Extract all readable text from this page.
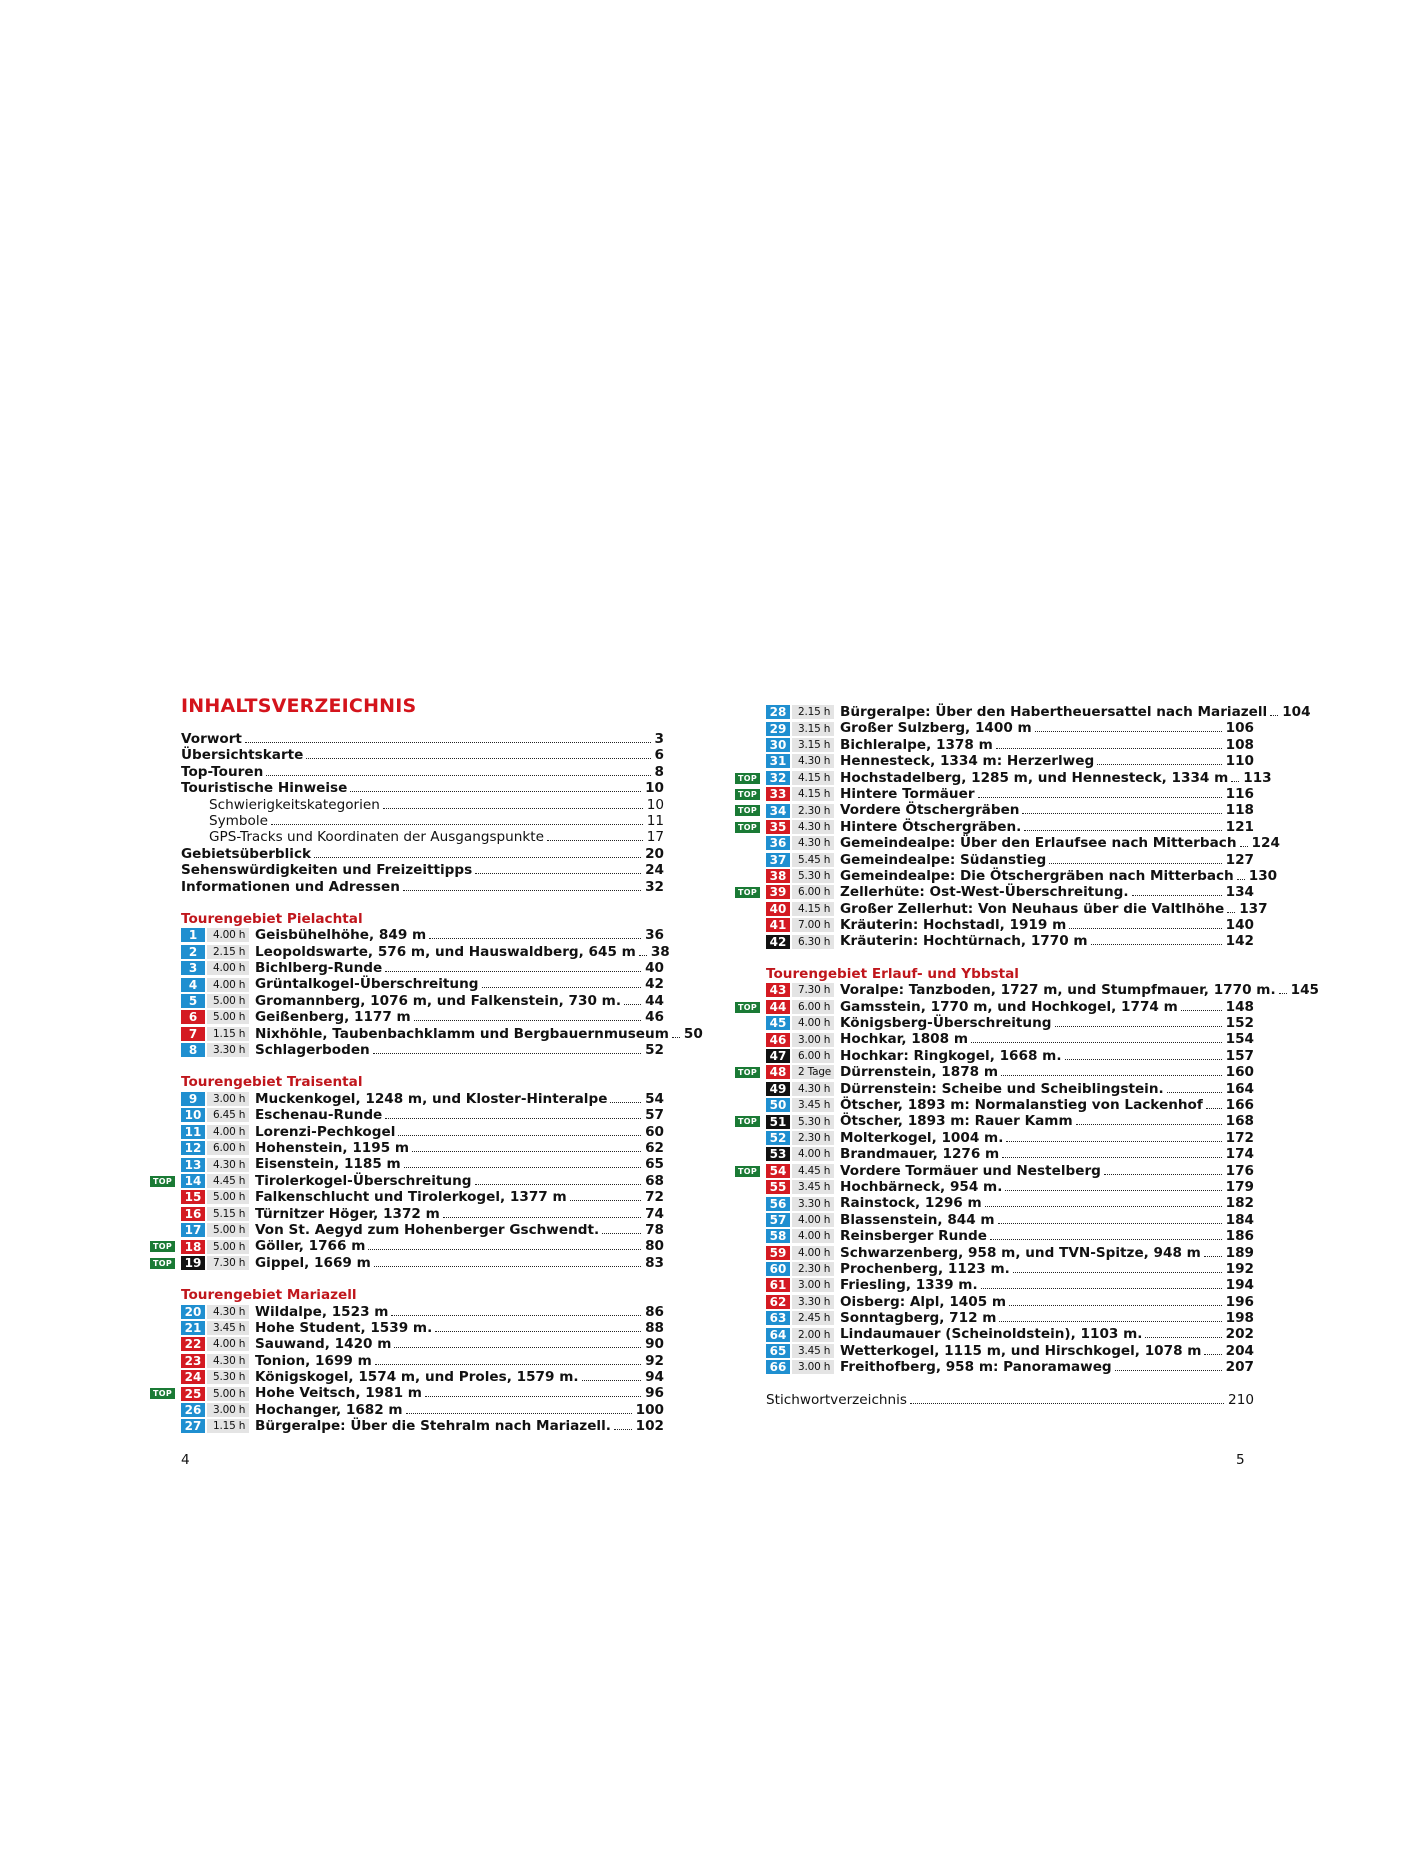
INHALTSVERZEICHNIS
Vorwort	3
Übersichtskarte	6
Top-Touren	8
Touristische Hinweise	10
Schwierigkeitskategorien	10
Symbole	11
GPS-Tracks und Koordinaten der Ausgangspunkte	17
Gebietsüberblick	20
Sehenswürdigkeiten und Freizeittipps	24
Informationen und Adressen	32
Tourengebiet Pielachtal
1	4.00 h Geisbühelhöhe, 849 m	36
2	2.15 h Leopoldswarte, 576 m, und Hauswaldberg, 645 m 38
3	4.00 h Bichlberg-Runde	40
4	4.00 h Grüntalkogel-Überschreitung	42
5	5.00 h Gromannberg, 1076 m, und Falkenstein, 730 m. 44
6	5.00 h Geißenberg, 1177 m	46
7	1.15 h Nixhöhle, Taubenbachklamm und Bergbauernmuseum 50
8	3.30 h Schlagerboden	52
Tourengebiet Traisental
9	3.00 h Muckenkogel, 1248 m, und Kloster-Hinteralpe	54
10	6.45 h Eschenau-Runde	57
11	4.00 h Lorenzi-Pechkogel	60
12	6.00 h Hohenstein, 1195 m	62
13	4.30 h Eisenstein, 1185 m	65
TOP	14	4.45 h Tirolerkogel-Überschreitung	68
15	5.00 h Falkenschlucht und Tirolerkogel, 1377 m	72
16	5.15 h Türnitzer Höger, 1372 m	74
17	5.00 h Von St. Aegyd zum Hohenberger Gschwendt.	78
TOP	18	5.00 h Göller, 1766 m	80
TOP	19	7.30 h Gippel, 1669 m	83
Tourengebiet Mariazell
20	4.30 h Wildalpe, 1523 m	86
21	3.45 h Hohe Student, 1539 m.	88
22	4.00 h Sauwand, 1420 m	90
23	4.30 h Tonion, 1699 m	92
24	5.30 h Königskogel, 1574 m, und Proles, 1579 m.	94
TOP	25	5.00 h Hohe Veitsch, 1981 m	96
26	3.00 h Hochanger, 1682 m	100
27	1.15 h Bürgeralpe: Über die Stehralm nach Mariazell. 102
28	2.15 h Bürgeralpe: Über den Habertheuersattel nach Mariazell 104
29	3.15 h Großer Sulzberg, 1400 m	106
30	3.15 h Bichleralpe, 1378 m	108
31	4.30 h Hennesteck, 1334 m: Herzerlweg	110
TOP	32	4.15 h Hochstadelberg, 1285 m, und Hennesteck, 1334 m 113
TOP	33	4.15 h Hintere Tormäuer	116
TOP	34	2.30 h Vordere Ötschergräben	118
TOP	35	4.30 h Hintere Ötschergräben.	121
36	4.30 h Gemeindealpe: Über den Erlaufsee nach Mitterbach 124
37	5.45 h Gemeindealpe: Südanstieg	127
38	5.30 h Gemeindealpe: Die Ötschergräben nach Mitterbach 130
TOP	39	6.00 h Zellerhüte: Ost-West-Überschreitung.	134
40	4.15 h Großer Zellerhut: Von Neuhaus über die Valtlhöhe 137
41	7.00 h Kräuterin: Hochstadl, 1919 m	140
42	6.30 h Kräuterin: Hochtürnach, 1770 m	142
Tourengebiet Erlauf- und Ybbstal
43	7.30 h Voralpe: Tanzboden, 1727 m, und Stumpfmauer, 1770 m. 145
TOP	44	6.00 h Gamsstein, 1770 m, und Hochkogel, 1774 m	148
45	4.00 h Königsberg-Überschreitung	152
46	3.00 h Hochkar, 1808 m	154
47	6.00 h Hochkar: Ringkogel, 1668 m.	157
TOP	48	2 Tage Dürrenstein, 1878 m	160
49	4.30 h Dürrenstein: Scheibe und Scheiblingstein.	164
50	3.45 h Ötscher, 1893 m: Normalanstieg von Lackenhof 166
TOP	51	5.30 h Ötscher, 1893 m: Rauer Kamm	168
52	2.30 h Molterkogel, 1004 m.	172
53	4.00 h Brandmauer, 1276 m	174
TOP	54	4.45 h Vordere Tormäuer und Nestelberg	176
55	3.45 h Hochbärneck, 954 m.	179
56	3.30 h Rainstock, 1296 m	182
57	4.00 h Blassenstein, 844 m	184
58	4.00 h Reinsberger Runde	186
59	4.00 h Schwarzenberg, 958 m, und TVN-Spitze, 948 m 189
60	2.30 h Prochenberg, 1123 m.	192
61	3.00 h Friesling, 1339 m.	194
62	3.30 h Oisberg: Alpl, 1405 m	196
63	2.45 h Sonntagberg, 712 m	198
64	2.00 h Lindaumauer (Scheinoldstein), 1103 m.	202
65	3.45 h Wetterkogel, 1115 m, und Hirschkogel, 1078 m 204
66	3.00 h Freithofberg, 958 m: Panoramaweg	207
Stichwortverzeichnis	210
4	5
